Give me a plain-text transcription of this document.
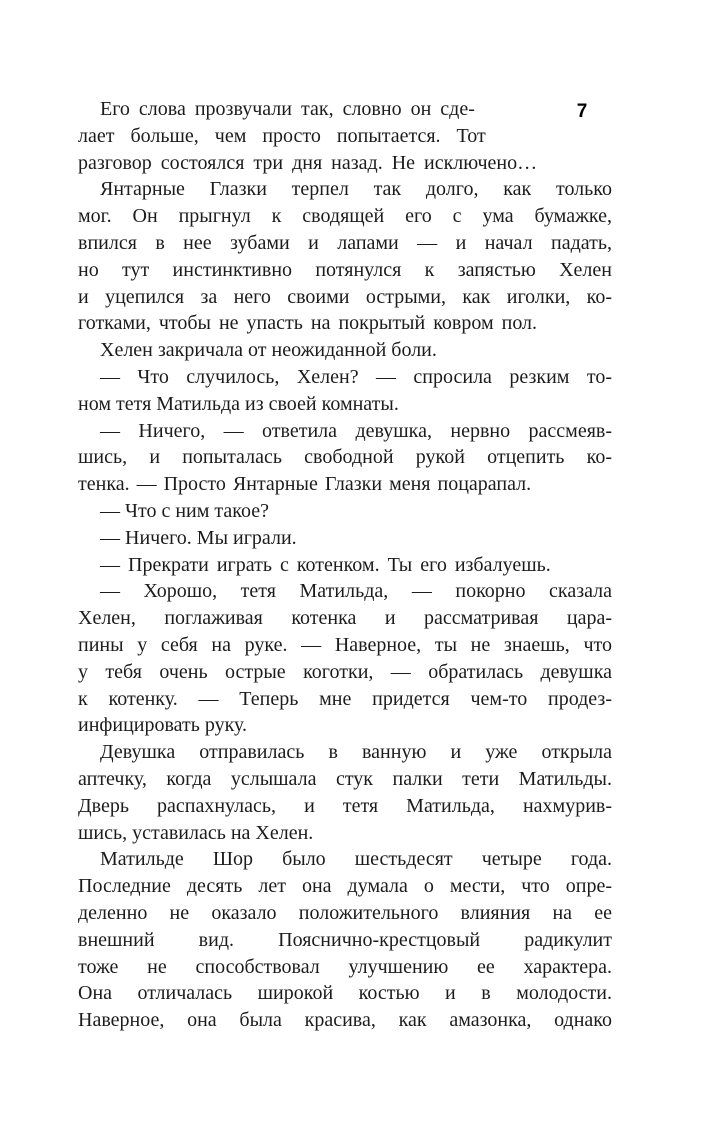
7
Его слова прозвучали так, словно он сде-
лает больше, чем просто попытается. Тот
разговор состоялся три дня назад. Не исключено…
Янтарные Глазки терпел так долго, как только
мог. Он прыгнул к сводящей его с ума бумажке,
впился в нее зубами и лапами — и начал падать,
но тут инстинктивно потянулся к запястью Хелен
и уцепился за него своими острыми, как иголки, ко-
готками, чтобы не упасть на покрытый ковром пол.
Хелен закричала от неожиданной боли.
— Что случилось, Хелен? — спросила резким то-
ном тетя Матильда из своей комнаты.
— Ничего, — ответила девушка, нервно рассмеяв-
шись, и попыталась свободной рукой отцепить ко-
тенка. — Просто Янтарные Глазки меня поцарапал.
— Что с ним такое?
— Ничего. Мы играли.
— Прекрати играть с котенком. Ты его избалуешь.
— Хорошо, тетя Матильда, — покорно сказала
Хелен, поглаживая котенка и рассматривая цара-
пины у себя на руке. — Наверное, ты не знаешь, что
у тебя очень острые коготки, — обратилась девушка
к котенку. — Теперь мне придется чем-то продез-
инфицировать руку.
Девушка отправилась в ванную и уже открыла
аптечку, когда услышала стук палки тети Матильды.
Дверь распахнулась, и тетя Матильда, нахмурив-
шись, уставилась на Хелен.
Матильде Шор было шестьдесят четыре года.
Последние десять лет она думала о мести, что опре-
деленно не оказало положительного влияния на ее
внешний вид. Пояснично-крестцовый радикулит
тоже не способствовал улучшению ее характера.
Она отличалась широкой костью и в молодости.
Наверное, она была красива, как амазонка, однако
